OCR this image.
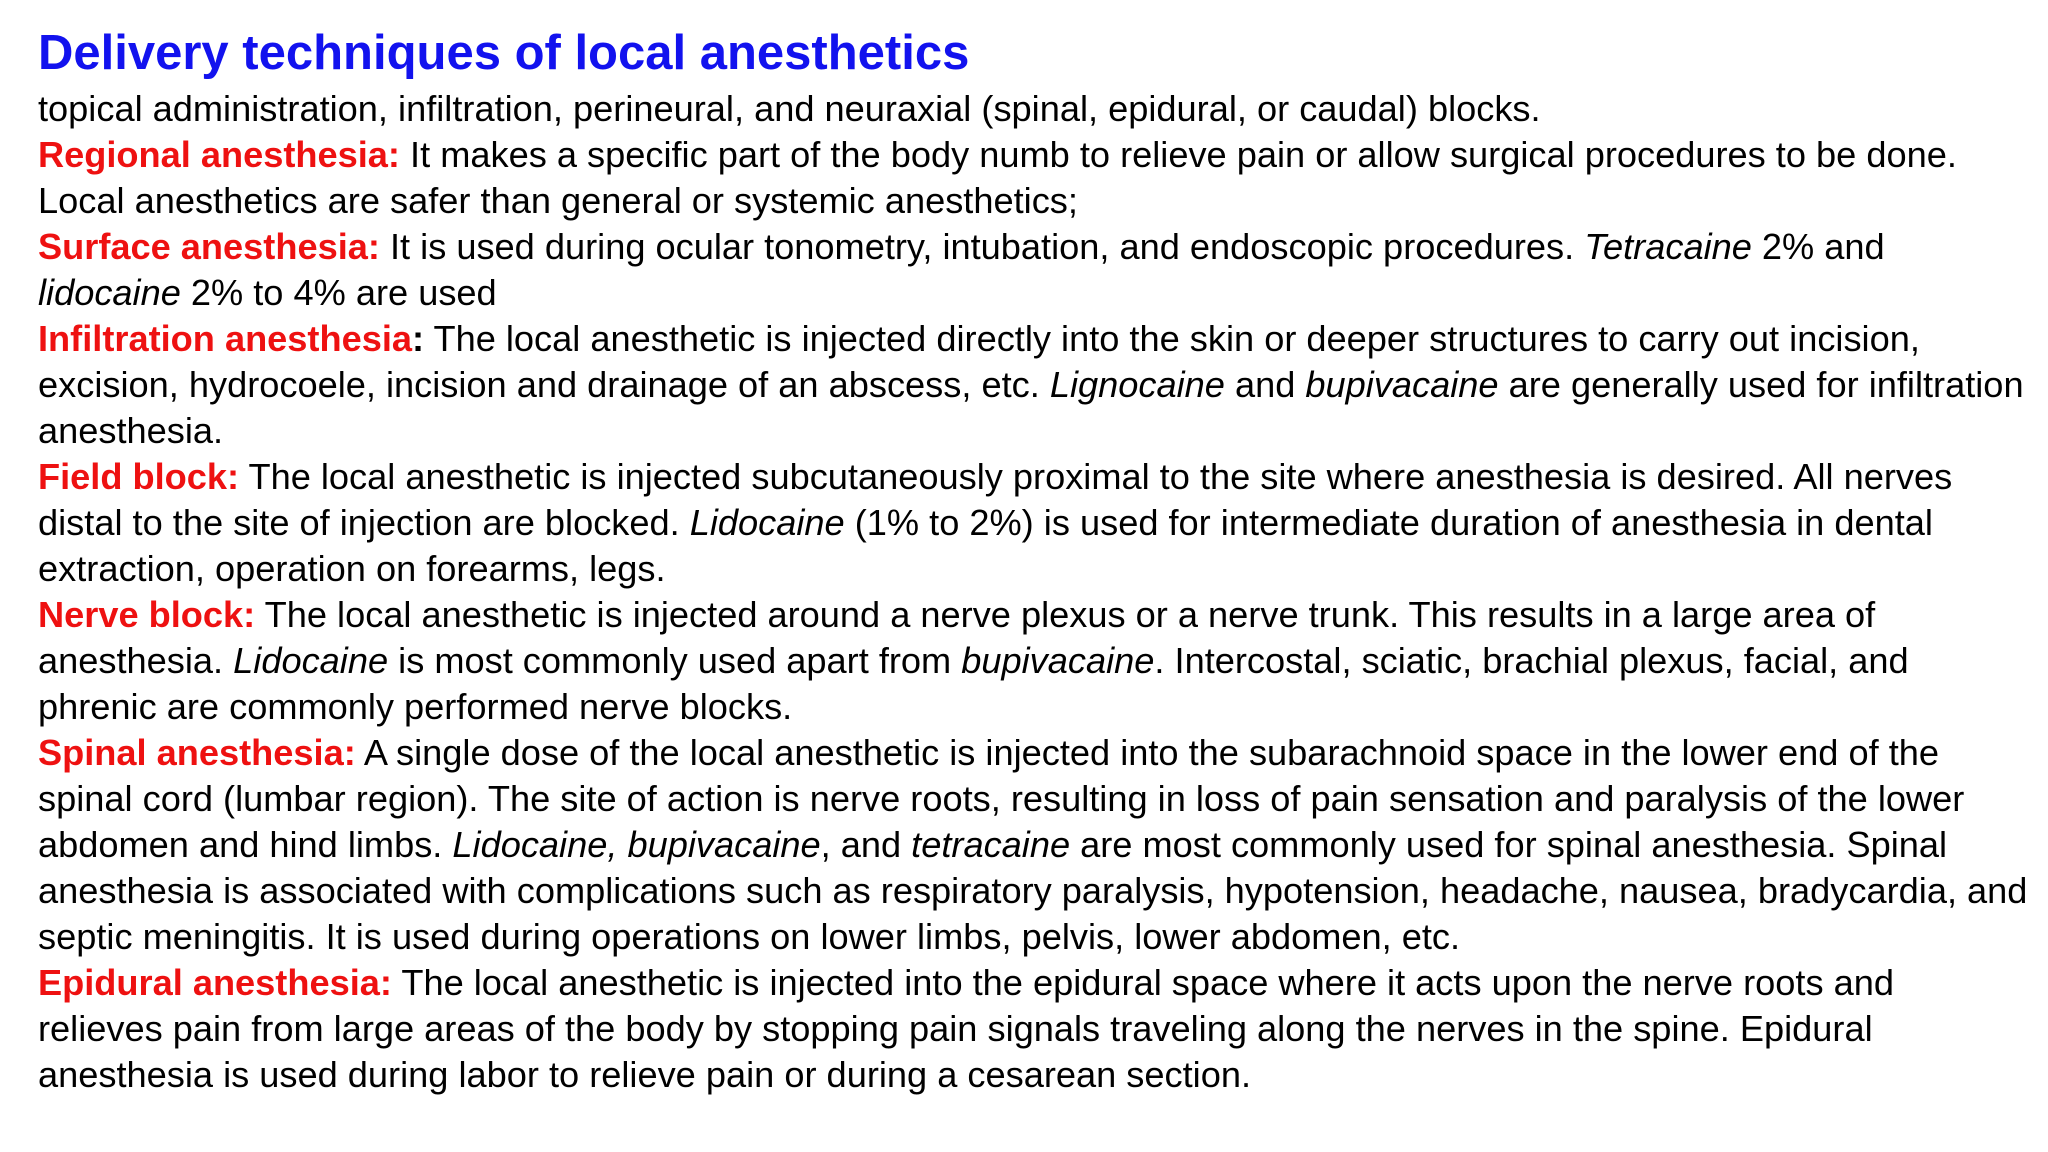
Delivery techniques of local anesthetics

topical administration, infiltration, perineural, and neuraxial (spinal, epidural, or caudal) blocks.

Regional anesthesia: It makes a specific part of the body numb to relieve pain or allow surgical procedures to be done. Local anesthetics are safer than general or systemic anesthetics;

Surface anesthesia: It is used during ocular tonometry, intubation, and endoscopic procedures. Tetracaine 2% and lidocaine 2% to 4% are used

Infiltration anesthesia: The local anesthetic is injected directly into the skin or deeper structures to carry out incision, excision, hydrocoele, incision and drainage of an abscess, etc. Lignocaine and bupivacaine are generally used for infiltration anesthesia.

Field block: The local anesthetic is injected subcutaneously proximal to the site where anesthesia is desired. All nerves distal to the site of injection are blocked. Lidocaine (1% to 2%) is used for intermediate duration of anesthesia in dental extraction, operation on forearms, legs.

Nerve block: The local anesthetic is injected around a nerve plexus or a nerve trunk. This results in a large area of anesthesia. Lidocaine is most commonly used apart from bupivacaine. Intercostal, sciatic, brachial plexus, facial, and phrenic are commonly performed nerve blocks.

Spinal anesthesia: A single dose of the local anesthetic is injected into the subarachnoid space in the lower end of the spinal cord (lumbar region). The site of action is nerve roots, resulting in loss of pain sensation and paralysis of the lower abdomen and hind limbs. Lidocaine, bupivacaine, and tetracaine are most commonly used for spinal anesthesia. Spinal anesthesia is associated with complications such as respiratory paralysis, hypotension, headache, nausea, bradycardia, and septic meningitis. It is used during operations on lower limbs, pelvis, lower abdomen, etc.

Epidural anesthesia: The local anesthetic is injected into the epidural space where it acts upon the nerve roots and relieves pain from large areas of the body by stopping pain signals traveling along the nerves in the spine. Epidural anesthesia is used during labor to relieve pain or during a cesarean section.
